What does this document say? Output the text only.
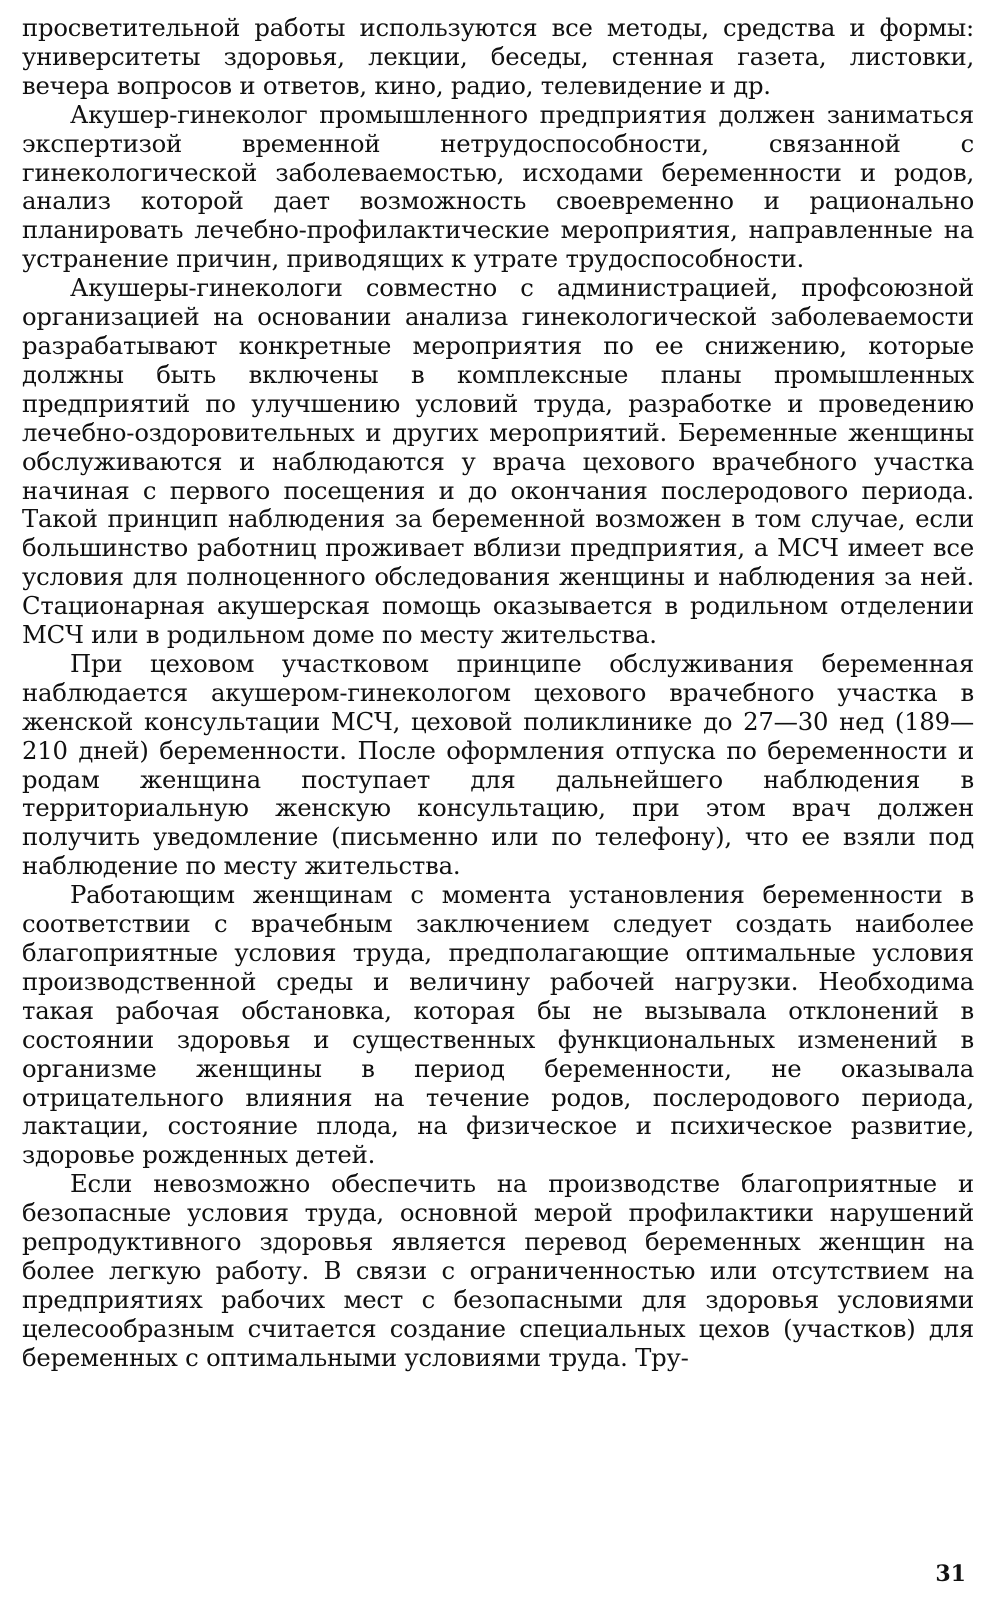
просветительной работы используются все методы, средства и формы: университеты здоровья, лекции, беседы, стенная газета, листовки, вечера вопросов и ответов, кино, радио, телевидение и др.

Акушер-гинеколог промышленного предприятия должен заниматься экспертизой временной нетрудоспособности, связанной с гинекологической заболеваемостью, исходами беременности и родов, анализ которой дает возможность своевременно и рационально планировать лечебно-профилактические мероприятия, направленные на устранение причин, приводящих к утрате трудоспособности.

Акушеры-гинекологи совместно с администрацией, профсоюзной организацией на основании анализа гинекологической заболеваемости разрабатывают конкретные мероприятия по ее снижению, которые должны быть включены в комплексные планы промышленных предприятий по улучшению условий труда, разработке и проведению лечебно-оздоровительных и других мероприятий. Беременные женщины обслуживаются и наблюдаются у врача цехового врачебного участка начиная с первого посещения и до окончания послеродового периода. Такой принцип наблюдения за беременной возможен в том случае, если большинство работниц проживает вблизи предприятия, а МСЧ имеет все условия для полноценного обследования женщины и наблюдения за ней. Стационарная акушерская помощь оказывается в родильном отделении МСЧ или в родильном доме по месту жительства.

При цеховом участковом принципе обслуживания беременная наблюдается акушером-гинекологом цехового врачебного участка в женской консультации МСЧ, цеховой поликлинике до 27—30 нед (189—210 дней) беременности. После оформления отпуска по беременности и родам женщина поступает для дальнейшего наблюдения в территориальную женскую консультацию, при этом врач должен получить уведомление (письменно или по телефону), что ее взяли под наблюдение по месту жительства.

Работающим женщинам с момента установления беременности в соответствии с врачебным заключением следует создать наиболее благоприятные условия труда, предполагающие оптимальные условия производственной среды и величину рабочей нагрузки. Необходима такая рабочая обстановка, которая бы не вызывала отклонений в состоянии здоровья и существенных функциональных изменений в организме женщины в период беременности, не оказывала отрицательного влияния на течение родов, послеродового периода, лактации, состояние плода, на физическое и психическое развитие, здоровье рожденных детей.

Если невозможно обеспечить на производстве благоприятные и безопасные условия труда, основной мерой профилактики нарушений репродуктивного здоровья является перевод беременных женщин на более легкую работу. В связи с ограниченностью или отсутствием на предприятиях рабочих мест с безопасными для здоровья условиями целесообразным считается создание специальных цехов (участков) для беременных с оптимальными условиями труда. Тру-

31
